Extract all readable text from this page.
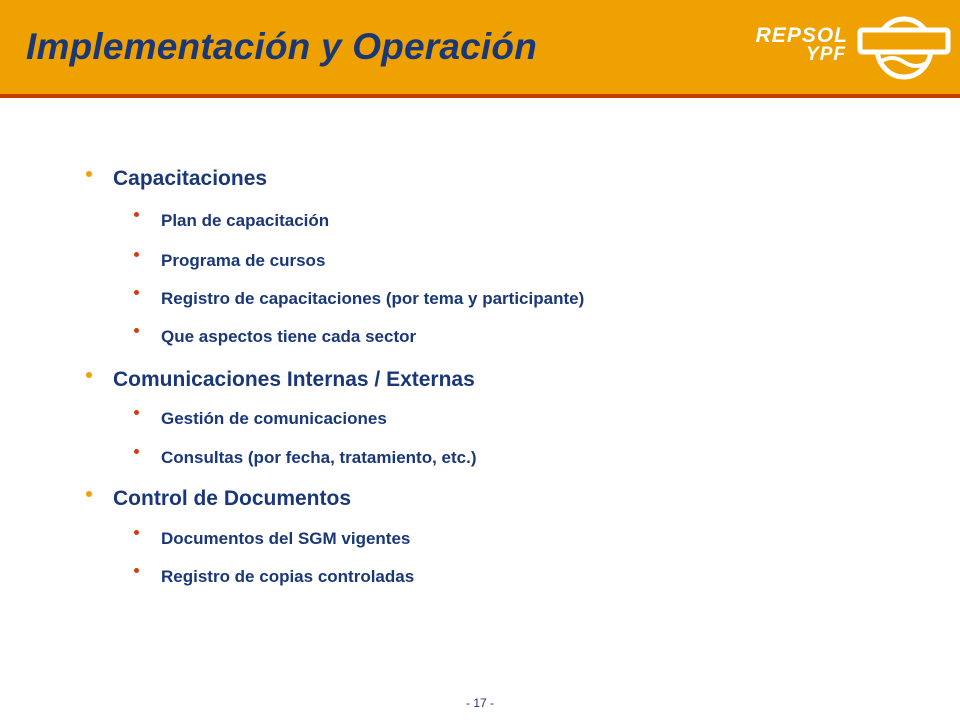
Implementación y Operación	REPSOL
YPF
Capacitaciones
Plan de capacitación
Programa de cursos
Registro de capacitaciones (por tema y participante)
Que aspectos tiene cada sector
Comunicaciones Internas / Externas
Gestión de comunicaciones
Consultas (por fecha, tratamiento, etc.)
Control de Documentos
Documentos del SGM vigentes
Registro de copias controladas
- 17 -
